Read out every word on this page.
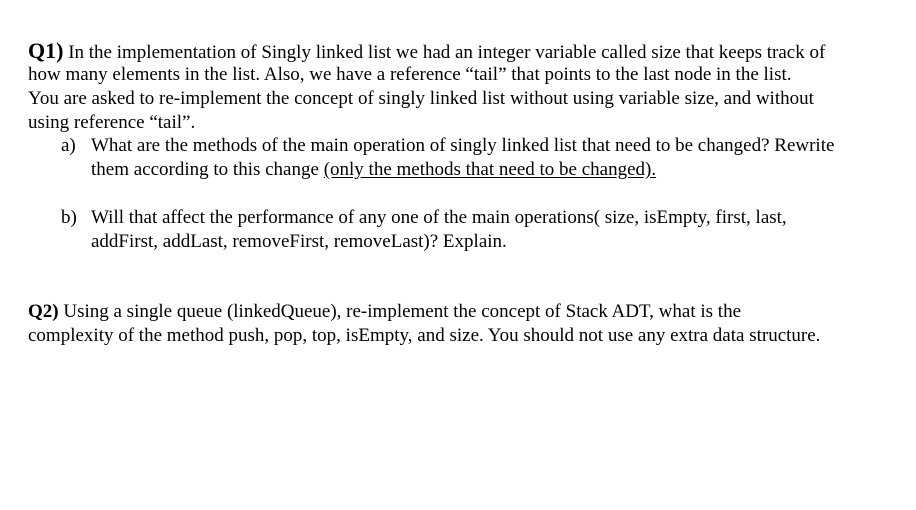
Q1) In the implementation of Singly linked list we had an integer variable called size that keeps track of
how many elements in the list. Also, we have a reference “tail” that points to the last node in the list.
You are asked to re-implement the concept of singly linked list without using variable size, and without
using reference “tail”.
a) What are the methods of the main operation of singly linked list that need to be changed? Rewrite
them according to this change (only the methods that need to be changed).
b) Will that affect the performance of any one of the main operations( size, isEmpty, first, last,
addFirst, addLast, removeFirst, removeLast)? Explain.
Q2) Using a single queue (linkedQueue), re-implement the concept of Stack ADT, what is the
complexity of the method push, pop, top, isEmpty, and size. You should not use any extra data structure.
